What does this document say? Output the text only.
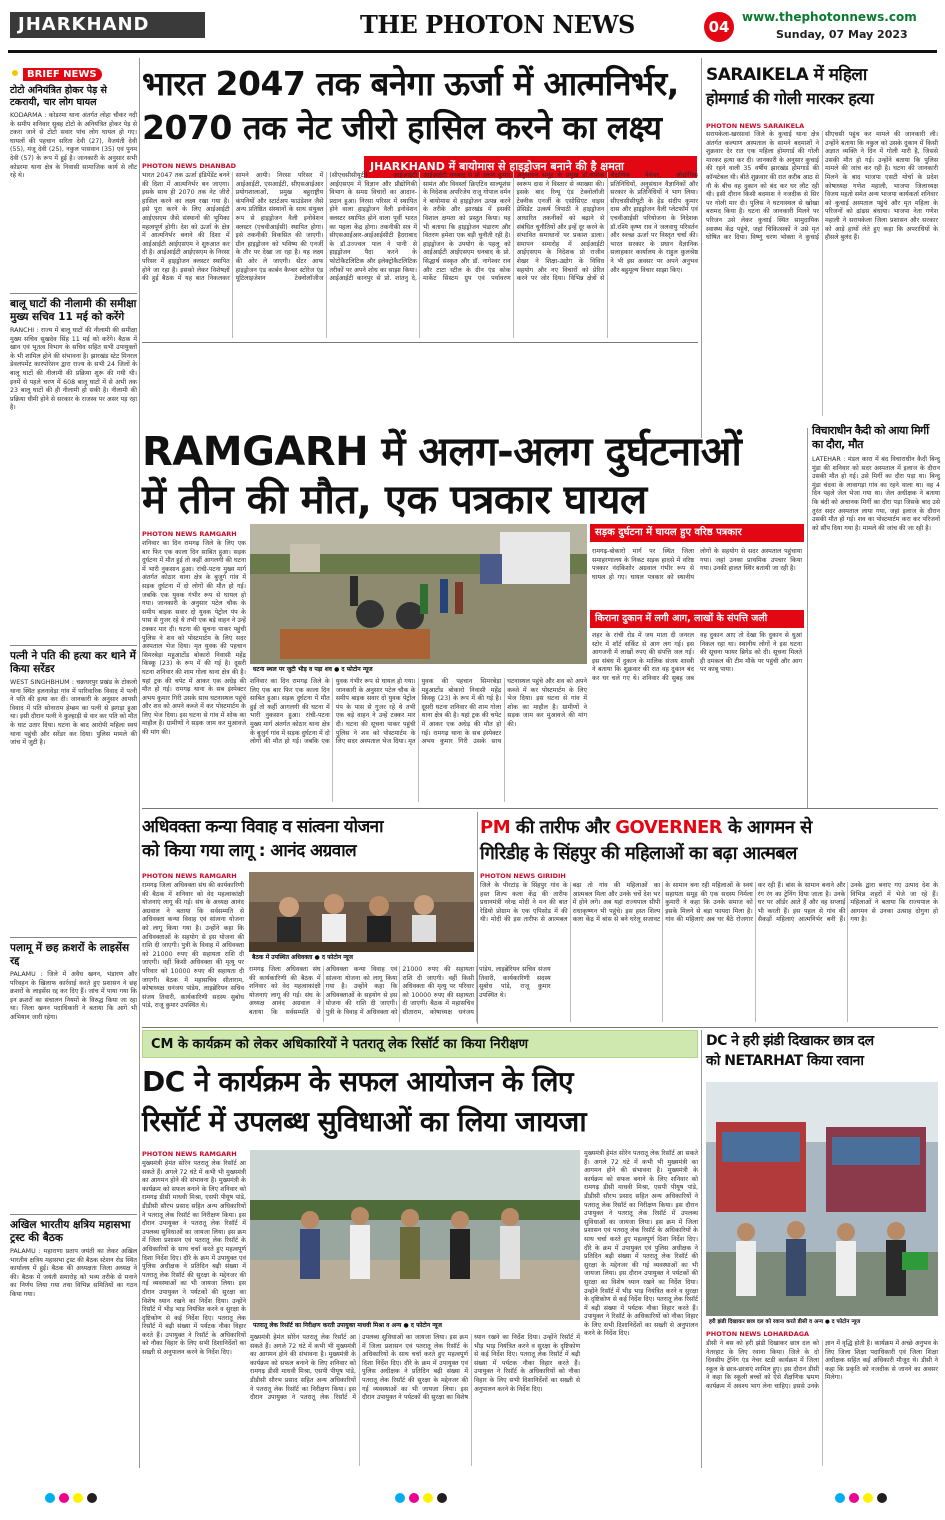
JHARKHAND	THE PHOTON NEWS	04
www.thephotonnews.com
Sunday, 07 May 2023
BRIEF NEWS
टोटो अनियंत्रित होकर पेड़ से टकरायी, चार लोग घायल
KODARMA : कोडरमा थाना अंतर्गत लोहा चौकर नदी के समीप शनिवार सुबह टोटो के अनियंत्रित होकर पेड़ से टकरा जाने से टोटो सवार पांच लोग घायल हो गए। घायलों की पहचान सरिता देवी (27), वैजयंती देवी (55), मंजू देवी (25), नकुल पासवान (35) एवं पुनम देवी (57) के रूप में हुई है। जानकारी के अनुसार सभी कोडरमा थाना क्षेत्र के निवासी सामाजिक कार्य से लौट रहे थे।
बालू घाटों की नीलामी की समीक्षा मुख्य सचिव 11 मई को करेंगे
RANCHI : राज्य में बालू घाटों की नीलामी की समीक्षा मुख्य सचिव सुखदेव सिंह 11 मई को करेंगे। बैठक में खान एवं भूतत्व विभाग के सचिव सहित सभी उपायुक्तों के भी शामिल होने की संभावना है। झारखंड स्टेट मिनरल डेवलपमेंट कारपोरेशन द्वारा राज्य के सभी 24 जिलों के बालू घाटों की नीलामी की प्रक्रिया शुरू की गयी थी। इनमें से पहले चरण में 608 बालू घाटों में से अभी तक 23 बालू घाटों की ही नीलामी हो सकी है। नीलामी की प्रक्रिया धीमी होने से सरकार के राजस्व पर असर पड़ रहा है।
पत्नी ने पति की हत्या कर थाने में किया सरेंडर
WEST SINGHBHUM : चक्रधरपुर प्रखंड के टोकलो थाना स्थित हलनावेड़ा गांव में पारिवारिक विवाद में पत्नी ने पति की हत्या कर दी। जानकारी के अनुसार आपसी विवाद में पति सोनाराम हेम्ब्रम का पत्नी से झगड़ा हुआ था। इसी दौरान पत्नी ने कुल्हाड़ी से वार कर पति को मौत के घाट उतार दिया। घटना के बाद आरोपी महिला स्वयं थाना पहुंची और सरेंडर कर दिया। पुलिस मामले की जांच में जुटी है।
पलामू में छह क्रशरों के लाइसेंस रद्द
PALAMU : जिले में अवैध खनन, भंडारण और परिवहन के खिलाफ कार्रवाई करते हुए प्रशासन ने छह क्रशरों के लाइसेंस रद्द कर दिए हैं। जांच में पाया गया कि इन क्रशरों का संचालन नियमों के विरुद्ध किया जा रहा था। जिला खनन पदाधिकारी ने बताया कि आगे भी अभियान जारी रहेगा।
अखिल भारतीय क्षत्रिय महासभा ट्रस्ट की बैठक
PALAMU : महाराणा प्रताप जयंती का लेकर अखिल भारतीय क्षत्रिय महासभा ट्रस्ट की बैठक स्टेशन रोड स्थित कार्यालय में हुई। बैठक की अध्यक्षता जिला अध्यक्ष ने की। बैठक में जयंती समारोह को भव्य तरीके से मनाने का निर्णय लिया गया तथा विभिन्न समितियों का गठन किया गया।
भारत 2047 तक बनेगा ऊर्जा में आत्मनिर्भर,
2070 तक नेट जीरो हासिल करने का लक्ष्य
JHARKHAND में बायोमास से हाइड्रोजन बनाने की है क्षमता
PHOTON NEWS DHANBAD
भारत 2047 तक ऊर्जा इंडिपेंडेंट बनने की दिशा में आत्मनिर्भर बन जाएगा। इसके साथ ही 2070 तक नेट जीरो हासिल करने का लक्ष्य रखा गया है। इसे पूरा करने के लिए आईआईटी आईएसएम जैसे संस्थानों की भूमिका महत्वपूर्ण होगी। देश को ऊर्जा के क्षेत्र में आत्मनिर्भर बनाने की दिशा में आईआईटी आईएसएम ने शुरुआत कर दी है। आईआईटी आईएसएम के निरसा परिसर में हाइड्रोजन क्लस्टर स्थापित होने जा रहा है। इसको लेकर विशेषज्ञों की हुई बैठक में यह बात निकलकर सामने आयी। निरसा परिसर में आईआईटी, एसआईटी, सीएसआईआर प्रयोगशालाओं, प्रमुख बहुराष्ट्रीय कंपनियों और स्टार्टअप फाउंडेशन जैसे अन्य प्रतिष्ठित संस्थानों के साथ संयुक्त रूप से हाइड्रोजन वैली इनोवेशन क्लस्टर (एचवीआईसी) स्थापित होगा। इसे तकनीकी विकसित की जाएगी। ग्रीन हाइड्रोजन को भविष्य की एनर्जी के तौर पर देखा जा रहा है। यह लक्ष्य की ओर ले जाएगी। सेंटर आफ हाइड्रोजन एंड कार्बन कैप्चर स्टोरेज एंड यूटिलाइजेशन टेक्नोलॉजीज (सीएचसीसीयूटी) आईआईटी आईएसएम में विज्ञान और प्रौद्योगिकी विभाग के समग्र विचारों का आदान-प्रदान हुआ। निरसा परिसर में स्थापित होने वाला हाइड्रोजन वैली इनोवेशन क्लस्टर स्थापित होने वाला पूर्वी भारत का पहला केंद्र होगा। तकनीकी सत्र में सीएसआईआर-आईआईसीटी हैदराबाद के डॉ.उज्ज्वल पाल ने पानी से हाइड्रोजन पैदा करने के फोटोकैटलिटिक और इलेक्ट्रोकैटलिटिक तरीकों पर अपने शोध का साझा किया। आईआईटी कानपुर से प्रो. शांतनु दे, आईआईटी धनबाद से प्रो अरुण कुमार सामंत और विवर्स्ता क्रिएटिव साल्यूशंस के निदेशक अपरिजेय राजू गोपाल वर्मन ने बायोमास से हाइड्रोजन उत्पन्न करने के तरीके और झारखंड में इसकी विशाल क्षमता को प्रस्तुत किया। यह भी बताया कि हाइड्रोजन भंडारण और वितरण हमेशा एक बड़ी चुनौती रही है। हाइड्रोजन के उपयोग के पहलू को आईआईटी आईएसएम धनबाद के प्रो. सिद्धार्थ संस्कृत और डॉ. नागेश्वर राव और टाटा स्टील के ग्रीन एंड कोक मार्केट सिस्टम ग्रुप एवं पर्यावरण अनुसंधान समूह के प्रमुख डॉ.शशिक स्वरूप दास ने विस्तार से व्याख्या की। इसके बाद रिन्यू एंड टेक्नोलॉजी टेक्नीक एनर्जी के एसोसिएट वाइस प्रेसिडेंट उत्कर्ष त्रिपाठी ने हाइड्रोजन आधारित तकनीकों को बढ़ाने से संबंधित चुनौतियों और इन्हें दूर करने के संभावित समाधानों पर प्रकाश डाला। समापन समारोह में आईआईटी आईएसएम के निदेशक प्रो राजीव शेखर ने शिक्षा-उद्योग के विविध सहयोग और नए विचारों को प्रेरित करने पर जोर दिया। विभिन्न क्षेत्रों से शैक्षणिक पेशेवर, औद्योगिक प्रतिनिधियों, अनुसंधान वैज्ञानिकों और सरकार के प्रतिनिधियों ने भाग लिया। सीएचसीसीयूटी के हेड संदीप कुमार दास और हाइड्रोजन वैली प्लेटफॉर्म एवं एचवीआईसी परियोजना के निदेशक डॉ.रश्मि कृष्ण राव ने जलवायु परिवर्तन और स्वच्छ ऊर्जा पर विस्तृत चर्चा की। भारत सरकार के प्रधान वैज्ञानिक सलाहकार कार्यालय के राहुल कुलश्रेष्ठ ने भी इस अवसर पर अपने अनुभव और बहुमूल्य विचार साझा किए।
SARAIKELA में महिला
होमगार्ड की गोली मारकर हत्या
PHOTON NEWS SARAIKELA
सरायकेला-खरसावां जिले के कुचाई थाना क्षेत्र अंतर्गत कल्याण अस्पताल के सामने बदमाशों ने शुक्रवार देर रात एक महिला होमगार्ड की गोली मारकर हत्या कर दी। जानकारी के अनुसार कुचाई की रहने वाली 35 वर्षीय झारखंड होमगार्ड की कॉन्स्टेबल थी। बीते शुक्रवार की रात करीब आठ से नौ के बीच वह दुकान को बंद कर घर लौट रही थी। इसी दौरान किसी बदमाश ने नजदीक से सिर पर गोली मार दी। पुलिस ने घटनास्थल से खोखा बरामद किया है। घटना की जानकारी मिलने पर परिजन उसे लेकर कुचाई स्थित सामुदायिक स्वास्थ्य केंद्र पहुंचे, जहां चिकित्सकों ने उसे मृत घोषित कर दिया। विष्णु चरण भोक्ता ने कुचाई सीएचसी पहुंच कर मामले की जानकारी ली। उन्होंने बताया कि नकुल को उसके दुकान में किसी अज्ञात व्यक्ति ने दिन में गोली मारी है, जिससे उसकी मौत हो गई। उन्होंने बताया कि पुलिस मामले की जांच कर रही है। घटना की जानकारी मिलने के बाद भाजपा एसटी मोर्चा के प्रदेश कोषाध्यक्ष गणेश महाली, भाजपा जिलाध्यक्ष विजय महतो समेत अन्य भाजपा कार्यकर्ता शनिवार को कुचाई अस्पताल पहुंचे और मृत महिला के परिजनों को ढांढस बंधाया। भाजपा नेता गणेश महाली ने सरायकेला जिला प्रशासन और सरकार को आड़े हाथों लेते हुए कहा कि अपराधियों के हौसले बुलंद हैं।
RAMGARH में अलग-अलग दुर्घटनाओं
में तीन की मौत, एक पत्रकार घायल
PHOTON NEWS RAMGARH
शनिवार का दिन रामगढ़ जिले के लिए एक बार फिर एक काला दिन साबित हुआ। सड़क दुर्घटना में मौत हुई तो कहीं आगलगी की घटना में भारी नुकसान हुआ। रांची-पटना मुख्य मार्ग अंतर्गत कोठार थाना क्षेत्र के बुजुर्ग गांव में सड़क दुर्घटना में दो लोगों की मौत हो गई। जबकि एक युवक गंभीर रूप से घायल हो गया। जानकारी के अनुसार पटेल चौक के समीप बाइक सवार दो युवक पेट्रोल पंप के पास से गुजर रहे थे तभी एक बड़े वाहन ने उन्हें टक्कर मार दी। घटना की सूचना पाकर पहुंची पुलिस ने शव को पोस्टमार्टम के लिए सदर अस्पताल भेज दिया। मृत युवक की पहचान सिमरबेड़ा महुआटोंड बोकारो निवासी महेंद्र किस्कू (23) के रूप में की गई है। दूसरी घटना शनिवार की शाम गोला थाना क्षेत्र की है। यहां ट्रक की चपेट में आकर एक अधेड़ की मौत हो गई। रामगढ़ थाना के सब इंस्पेक्टर अभय कुमार गिरी उसके साथ घटनास्थल पहुंचे और शव को अपने कब्जे में कर पोस्टमार्टम के लिए भेज दिया। इस घटना से गांव में शोक का माहौल है। ग्रामीणों ने सड़क जाम कर मुआवजे की मांग की।
घटना स्थल पर जुटी भीड़ व पड़ा शव ● द फोटोन न्यूज
शनिवार का दिन रामगढ़ जिले के लिए एक बार फिर एक काला दिन साबित हुआ। सड़क दुर्घटना में मौत हुई तो कहीं आगलगी की घटना में भारी नुकसान हुआ। रांची-पटना मुख्य मार्ग अंतर्गत कोठार थाना क्षेत्र के बुजुर्ग गांव में सड़क दुर्घटना में दो लोगों की मौत हो गई। जबकि एक युवक गंभीर रूप से घायल हो गया। जानकारी के अनुसार पटेल चौक के समीप बाइक सवार दो युवक पेट्रोल पंप के पास से गुजर रहे थे तभी एक बड़े वाहन ने उन्हें टक्कर मार दी। घटना की सूचना पाकर पहुंची पुलिस ने शव को पोस्टमार्टम के लिए सदर अस्पताल भेज दिया। मृत युवक की पहचान सिमरबेड़ा महुआटोंड बोकारो निवासी महेंद्र किस्कू (23) के रूप में की गई है। दूसरी घटना शनिवार की शाम गोला थाना क्षेत्र की है। यहां ट्रक की चपेट में आकर एक अधेड़ की मौत हो गई। रामगढ़ थाना के सब इंस्पेक्टर अभय कुमार गिरी उसके साथ घटनास्थल पहुंचे और शव को अपने कब्जे में कर पोस्टमार्टम के लिए भेज दिया। इस घटना से गांव में शोक का माहौल है। ग्रामीणों ने सड़क जाम कर मुआवजे की मांग की।
सड़क दुर्घटना में घायल हुए वरिष्ठ पत्रकार
रामगढ़-बोकारो मार्ग पर स्थित जिला समाहरणालय के निकट सड़क हादसे में वरिष्ठ पत्रकार नंदकिशोर अग्रवाल गंभीर रूप से घायल हो गए। घायल पत्रकार को स्थानीय लोगों के सहयोग से सदर अस्पताल पहुंचाया गया। जहां उनका प्राथमिक उपचार किया गया। उनकी हालत स्थिर बतायी जा रही है।
किराना दुकान में लगी आग, लाखों के संपत्ति जली
शहर के रांची रोड में जय माता दी जनरल स्टोर में शॉर्ट सर्किट से आग लग गई। इस आगजनी में लाखों रुपए की संपत्ति जल गई। इस संबंध में दुकान के मालिक संजय शास्त्री ने बताया कि शुक्रवार की रात वह दुकान बंद कर घर चले गए थे। शनिवार की सुबह जब वह दुकान आए तो देखा कि दुकान से धुआं निकल रहा था। स्थानीय लोगों ने इस घटना की सूचना फायर ब्रिगेड को दी। सूचना मिलते ही दमकल की टीम मौके पर पहुंची और आग पर काबू पाया।
विचाराधीन कैदी को आया मिर्गी का दौरा, मौत
LATEHAR : मंडल कारा में बंद विचाराधीन कैदी बिन्दु मुंडा की शनिवार को सदर अस्पताल में इलाज के दौरान उसकी मौत हो गई। उसे मिर्गी का दौरा पड़ा था। बिन्दु मुंडा चंदवा के लावागड़ा गांव का रहने वाला था। वह 4 दिन पहले जेल भेजा गया था। जेल अधीक्षक ने बताया कि बंदी को अचानक मिर्गी का दौरा पड़ा जिसके बाद उसे तुरंत सदर अस्पताल लाया गया, जहां इलाज के दौरान उसकी मौत हो गई। शव का पोस्टमार्टम करा कर परिजनों को सौंप दिया गया है। मामले की जांच की जा रही है।
अधिवक्ता कन्या विवाह व सांत्वना योजना
को किया गया लागू : आनंद अग्रवाल
PHOTON NEWS RAMGARH
रामगढ़ जिला अधिवक्ता संघ की कार्यकारिणी की बैठक में शनिवार को वेद महत्वाकांक्षी योजनाएं लागू की गई। संघ के अध्यक्ष आनंद अग्रवाल ने बताया कि सर्वसम्मति से अधिवक्ता कन्या विवाह एवं सांत्वना योजना को लागू किया गया है। उन्होंने कहा कि अधिवक्ताओं के सहयोग से इस योजना की राशि दी जाएगी। पुत्री के विवाह में अधिवक्ता को 21000 रुपए की सहायता राशि दी जाएगी। वहीं किसी अधिवक्ता की मृत्यु पर परिवार को 10000 रुपए की सहायता दी जाएगी। बैठक में महासचिव सीताराम, कोषाध्यक्ष धनंजय पांडेय, लाइब्रेरियन सचिव संजय तिवारी, कार्यकारिणी सदस्य सुबोध पांडे, राजू कुमार उपस्थित थे।
बैठक में उपस्थित अधिवक्ता ● द फोटोन न्यूज
रामगढ़ जिला अधिवक्ता संघ की कार्यकारिणी की बैठक में शनिवार को वेद महत्वाकांक्षी योजनाएं लागू की गई। संघ के अध्यक्ष आनंद अग्रवाल ने बताया कि सर्वसम्मति से अधिवक्ता कन्या विवाह एवं सांत्वना योजना को लागू किया गया है। उन्होंने कहा कि अधिवक्ताओं के सहयोग से इस योजना की राशि दी जाएगी। पुत्री के विवाह में अधिवक्ता को 21000 रुपए की सहायता राशि दी जाएगी। वहीं किसी अधिवक्ता की मृत्यु पर परिवार को 10000 रुपए की सहायता दी जाएगी। बैठक में महासचिव सीताराम, कोषाध्यक्ष धनंजय पांडेय, लाइब्रेरियन सचिव संजय तिवारी, कार्यकारिणी सदस्य सुबोध पांडे, राजू कुमार उपस्थित थे।
PM की तारीफ और GOVERNER के आगमन से
गिरिडीह के सिंहपुर की महिलाओं का बढ़ा आत्मबल
PHOTON NEWS GIRIDIH
जिले के पीरटांड़ के सिंहपुर गांव के हस्त शिल्प कला केंद्र की तारीफ प्रधानमंत्री नरेन्द्र मोदी ने मन की बात रेडियो प्रोग्राम के एक एपिसोड में की थी। मोदी की इस तारीफ से आत्मबल बढ़ा तो गांव की महिलाओं का आत्मबल मिला और उनके चर्चे देश भर में होने लगे। अब यहां राज्यपाल सीपी राधाकृष्णन भी पहुंचे। इस हस्त शिल्प कला केंद्र में बांस से बने घरेलू सजावट के सामान बना रही महिलाओं के स्वयं सहायता समूह की एक सदस्य निर्मला कुमारी ने कहा कि उनके समाज को इसके मिलने से बड़ा फायदा मिला है। गांव की महिलाएं अब घर बैठे रोजगार कर रही हैं। बांस के सामान बनाने और रंग रंग का ट्रेनिंग दिया जाता है। उनके घर पर ऑर्डर आते हैं और वह सप्लाई भी करती हैं। इस पहल से गांव की सैकड़ों महिलाएं आत्मनिर्भर बनी हैं। उनके द्वारा बनाए गए उत्पाद देश के विभिन्न शहरों में भेजे जा रहे हैं। महिलाओं ने बताया कि राज्यपाल के आगमन से उनका उत्साह दोगुना हो गया है।
CM के कार्यक्रम को लेकर अधिकारियों ने पतरातू लेक रिसॉर्ट का किया निरीक्षण
DC ने कार्यक्रम के सफल आयोजन के लिए
रिसॉर्ट में उपलब्ध सुविधाओं का लिया जायजा
PHOTON NEWS RAMGARH
मुख्यमंत्री हेमंत सोरेन पतरातू लेक रिसॉर्ट आ सकते हैं। अगले 72 घंटे में कभी भी मुख्यमंत्री का आगमन होने की संभावना है। मुख्यमंत्री के कार्यक्रम को सफल बनाने के लिए शनिवार को रामगढ़ डीसी माधवी मिश्रा, एसपी पीयूष पांडे, डीडीसी सौरभ प्रसाद सहित अन्य अधिकारियों ने पतरातू लेक रिसॉर्ट का निरीक्षण किया। इस दौरान उपायुक्त ने पतरातू लेक रिसॉर्ट में उपलब्ध सुविधाओं का जायजा लिया। इस क्रम में जिला प्रशासन एवं पतरातू लेक रिसॉर्ट के अधिकारियों के साथ चर्चा करते हुए महत्वपूर्ण दिशा निर्देश दिए। दौरे के क्रम में उपायुक्त एवं पुलिस अधीक्षक ने प्रतिदिन बढ़ी संख्या में पतरातू लेक रिसॉर्ट की सुरक्षा के मद्देनजर की गई व्यवस्थाओं का भी जायजा लिया। इस दौरान उपायुक्त ने पर्यटकों की सुरक्षा का विशेष ध्यान रखने का निर्देश दिया। उन्होंने रिसॉर्ट में भीड़ भाड़ नियंत्रित करने व सुरक्षा के दृष्टिकोण से कई निर्देश दिए। पतरातू लेक रिसॉर्ट में बढ़ी संख्या में पर्यटक नौका विहार करते हैं। उपायुक्त ने रिसॉर्ट के अधिकारियों को नौका विहार के लिए सभी दिशानिर्देशों का सख्ती से अनुपालन करने के निर्देश दिए।
पतरातू लेक रिसॉर्ट का निरीक्षण करती उपायुक्त माधवी मिश्रा व अन्य ● द फोटोन न्यूज
मुख्यमंत्री हेमंत सोरेन पतरातू लेक रिसॉर्ट आ सकते हैं। अगले 72 घंटे में कभी भी मुख्यमंत्री का आगमन होने की संभावना है। मुख्यमंत्री के कार्यक्रम को सफल बनाने के लिए शनिवार को रामगढ़ डीसी माधवी मिश्रा, एसपी पीयूष पांडे, डीडीसी सौरभ प्रसाद सहित अन्य अधिकारियों ने पतरातू लेक रिसॉर्ट का निरीक्षण किया। इस दौरान उपायुक्त ने पतरातू लेक रिसॉर्ट में उपलब्ध सुविधाओं का जायजा लिया। इस क्रम में जिला प्रशासन एवं पतरातू लेक रिसॉर्ट के अधिकारियों के साथ चर्चा करते हुए महत्वपूर्ण दिशा निर्देश दिए। दौरे के क्रम में उपायुक्त एवं पुलिस अधीक्षक ने प्रतिदिन बढ़ी संख्या में पतरातू लेक रिसॉर्ट की सुरक्षा के मद्देनजर की गई व्यवस्थाओं का भी जायजा लिया। इस दौरान उपायुक्त ने पर्यटकों की सुरक्षा का विशेष ध्यान रखने का निर्देश दिया। उन्होंने रिसॉर्ट में भीड़ भाड़ नियंत्रित करने व सुरक्षा के दृष्टिकोण से कई निर्देश दिए। पतरातू लेक रिसॉर्ट में बढ़ी संख्या में पर्यटक नौका विहार करते हैं। उपायुक्त ने रिसॉर्ट के अधिकारियों को नौका विहार के लिए सभी दिशानिर्देशों का सख्ती से अनुपालन करने के निर्देश दिए।
मुख्यमंत्री हेमंत सोरेन पतरातू लेक रिसॉर्ट आ सकते हैं। अगले 72 घंटे में कभी भी मुख्यमंत्री का आगमन होने की संभावना है। मुख्यमंत्री के कार्यक्रम को सफल बनाने के लिए शनिवार को रामगढ़ डीसी माधवी मिश्रा, एसपी पीयूष पांडे, डीडीसी सौरभ प्रसाद सहित अन्य अधिकारियों ने पतरातू लेक रिसॉर्ट का निरीक्षण किया। इस दौरान उपायुक्त ने पतरातू लेक रिसॉर्ट में उपलब्ध सुविधाओं का जायजा लिया। इस क्रम में जिला प्रशासन एवं पतरातू लेक रिसॉर्ट के अधिकारियों के साथ चर्चा करते हुए महत्वपूर्ण दिशा निर्देश दिए। दौरे के क्रम में उपायुक्त एवं पुलिस अधीक्षक ने प्रतिदिन बढ़ी संख्या में पतरातू लेक रिसॉर्ट की सुरक्षा के मद्देनजर की गई व्यवस्थाओं का भी जायजा लिया। इस दौरान उपायुक्त ने पर्यटकों की सुरक्षा का विशेष ध्यान रखने का निर्देश दिया। उन्होंने रिसॉर्ट में भीड़ भाड़ नियंत्रित करने व सुरक्षा के दृष्टिकोण से कई निर्देश दिए। पतरातू लेक रिसॉर्ट में बढ़ी संख्या में पर्यटक नौका विहार करते हैं। उपायुक्त ने रिसॉर्ट के अधिकारियों को नौका विहार के लिए सभी दिशानिर्देशों का सख्ती से अनुपालन करने के निर्देश दिए।
DC ने हरी झंडी दिखाकर छात्र दल
को NETARHAT किया रवाना
हरी झंडी दिखाकर छात्र दल को रवाना करते डीसी व अन्य ● द फोटोन न्यूज
PHOTON NEWS LOHARDAGA
डीसी ने बस को हरी झंडी दिखाकर छात्र दल को नेतरहाट के लिए रवाना किया। जिले के दो दिवसीय ट्रेनिंग एंड नेचर स्टडी कार्यक्रम में जिला स्कूल के छात्र-छात्राएं शामिल हुए। इस दौरान डीसी ने कहा कि स्कूली बच्चों को ऐसे शैक्षणिक भ्रमण कार्यक्रम में अवश्य भाग लेना चाहिए। इससे उनके ज्ञान में वृद्धि होती है। कार्यक्रम में अच्छे अनुभव के लिए जिला शिक्षा पदाधिकारी एवं जिला शिक्षा अधीक्षक सहित कई अधिकारी मौजूद थे। डीसी ने कहा कि प्रकृति को नजदीक से जानने का अवसर मिलेगा।
